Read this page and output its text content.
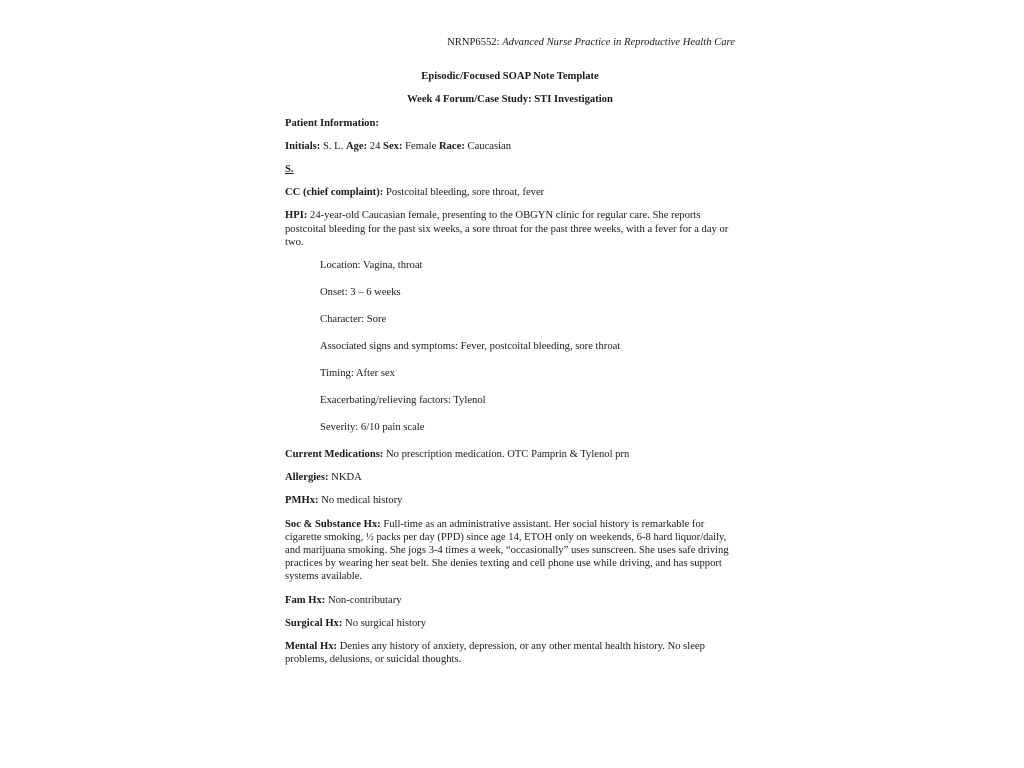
NRNP6552: Advanced Nurse Practice in Reproductive Health Care
Episodic/Focused SOAP Note Template
Week 4 Forum/Case Study: STI Investigation

Patient Information:

Initials: S. L. Age: 24 Sex: Female Race: Caucasian

S.

CC (chief complaint): Postcoital bleeding, sore throat, fever

HPI: 24-year-old Caucasian female, presenting to the OBGYN clinic for regular care. She reports postcoital bleeding for the past six weeks, a sore throat for the past three weeks, with a fever for a day or two.

Location: Vagina, throat
Onset: 3 – 6 weeks
Character: Sore
Associated signs and symptoms: Fever, postcoital bleeding, sore throat
Timing: After sex
Exacerbating/relieving factors: Tylenol
Severity: 6/10 pain scale

Current Medications: No prescription medication. OTC Pamprin & Tylenol prn

Allergies: NKDA

PMHx: No medical history

Soc & Substance Hx: Full-time as an administrative assistant. Her social history is remarkable for cigarette smoking, ½ packs per day (PPD) since age 14, ETOH only on weekends, 6-8 hard liquor/daily, and marijuana smoking. She jogs 3-4 times a week, “occasionally” uses sunscreen. She uses safe driving practices by wearing her seat belt. She denies texting and cell phone use while driving, and has support systems available.

Fam Hx: Non-contributary

Surgical Hx: No surgical history

Mental Hx: Denies any history of anxiety, depression, or any other mental health history. No sleep problems, delusions, or suicidal thoughts.
